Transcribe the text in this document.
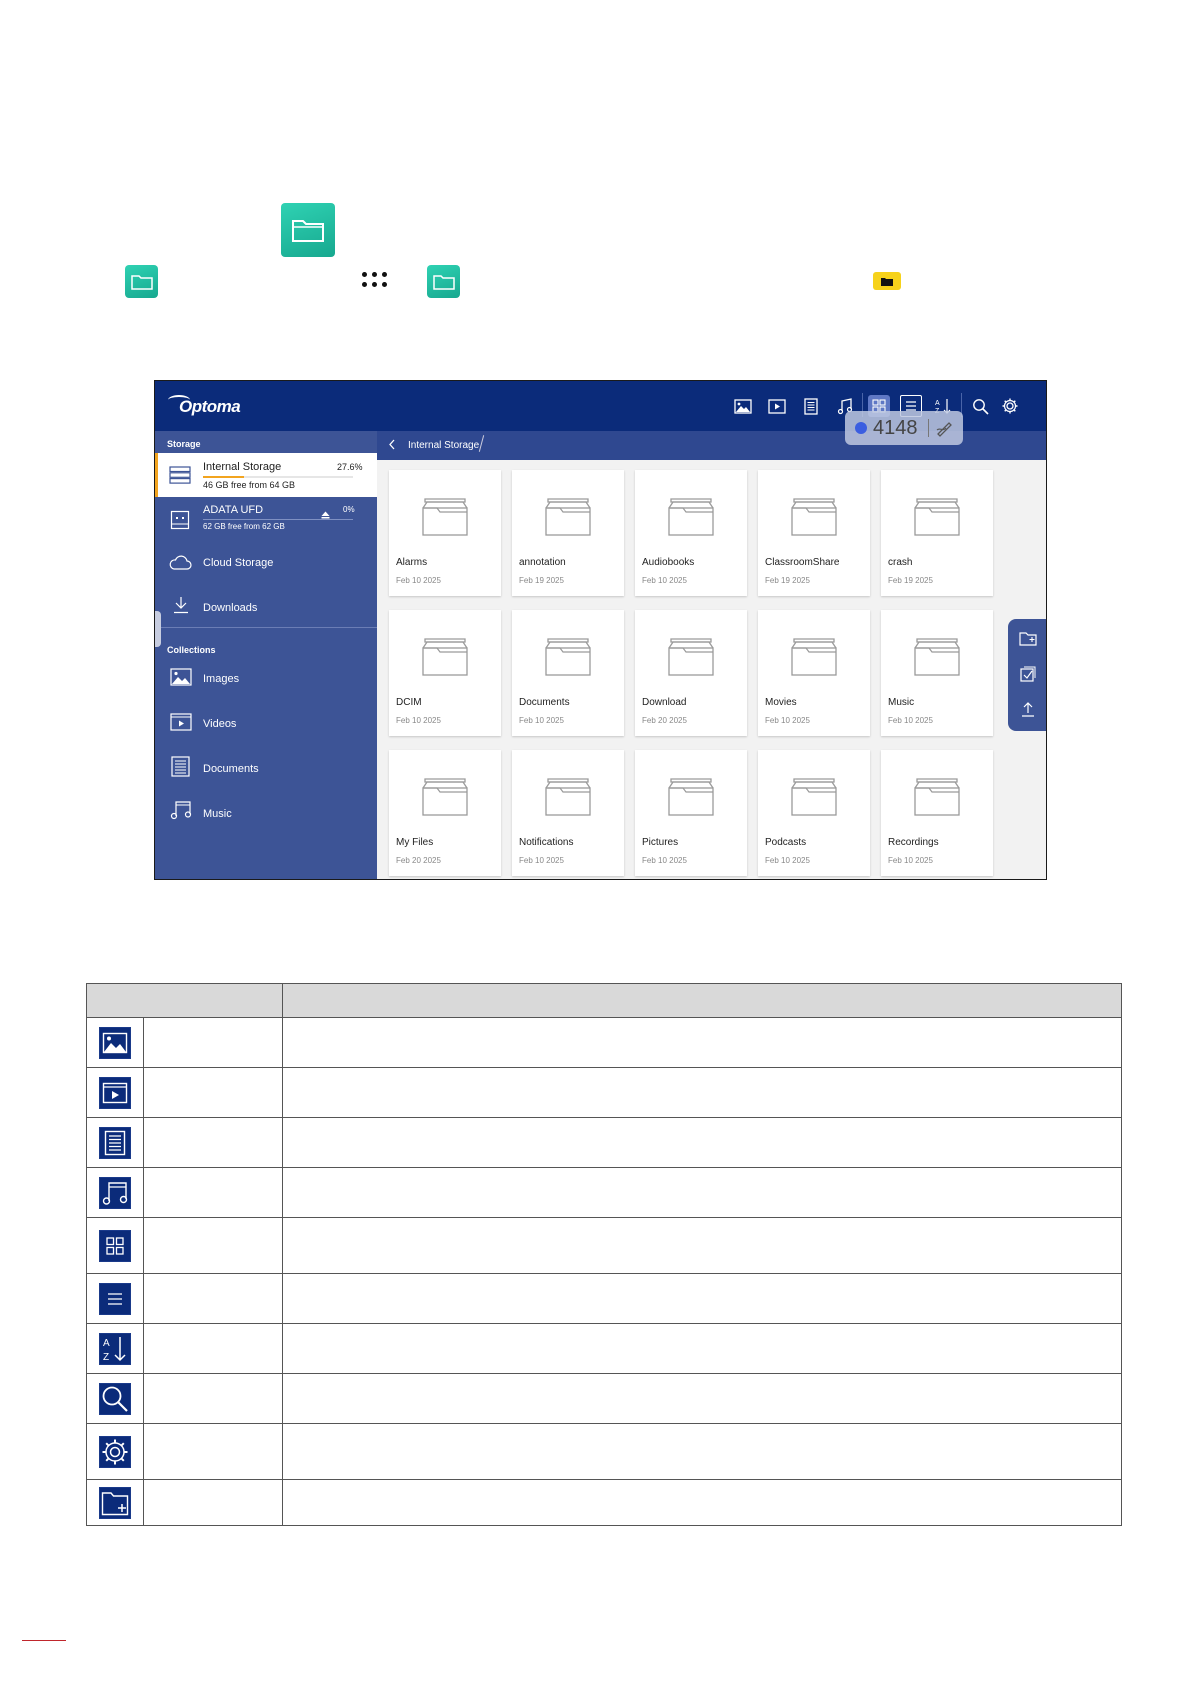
Optoma	A
Storage
Internal Storage	27.6%
46 GB free from 64 GB
ADATA UFD	0%
62 GB free from 62 GB
Cloud Storage
Downloads
Collections
Images
Videos
Documents
Music
Internal Storage
Alarms
Feb 10 2025
annotation
Feb 19 2025
Audiobooks
Feb 10 2025
ClassroomShare
Feb 19 2025
crash
Feb 19 2025
DCIM
Feb 10 2025
Documents
Feb 10 2025
Download
Feb 20 2025
Movies
Feb 10 2025
Music
Feb 10 2025
My Files
Feb 20 2025
Notifications
Feb 10 2025
Pictures
Feb 10 2025
Podcasts
Feb 10 2025
Recordings
Feb 10 2025
4148

A
Z		
